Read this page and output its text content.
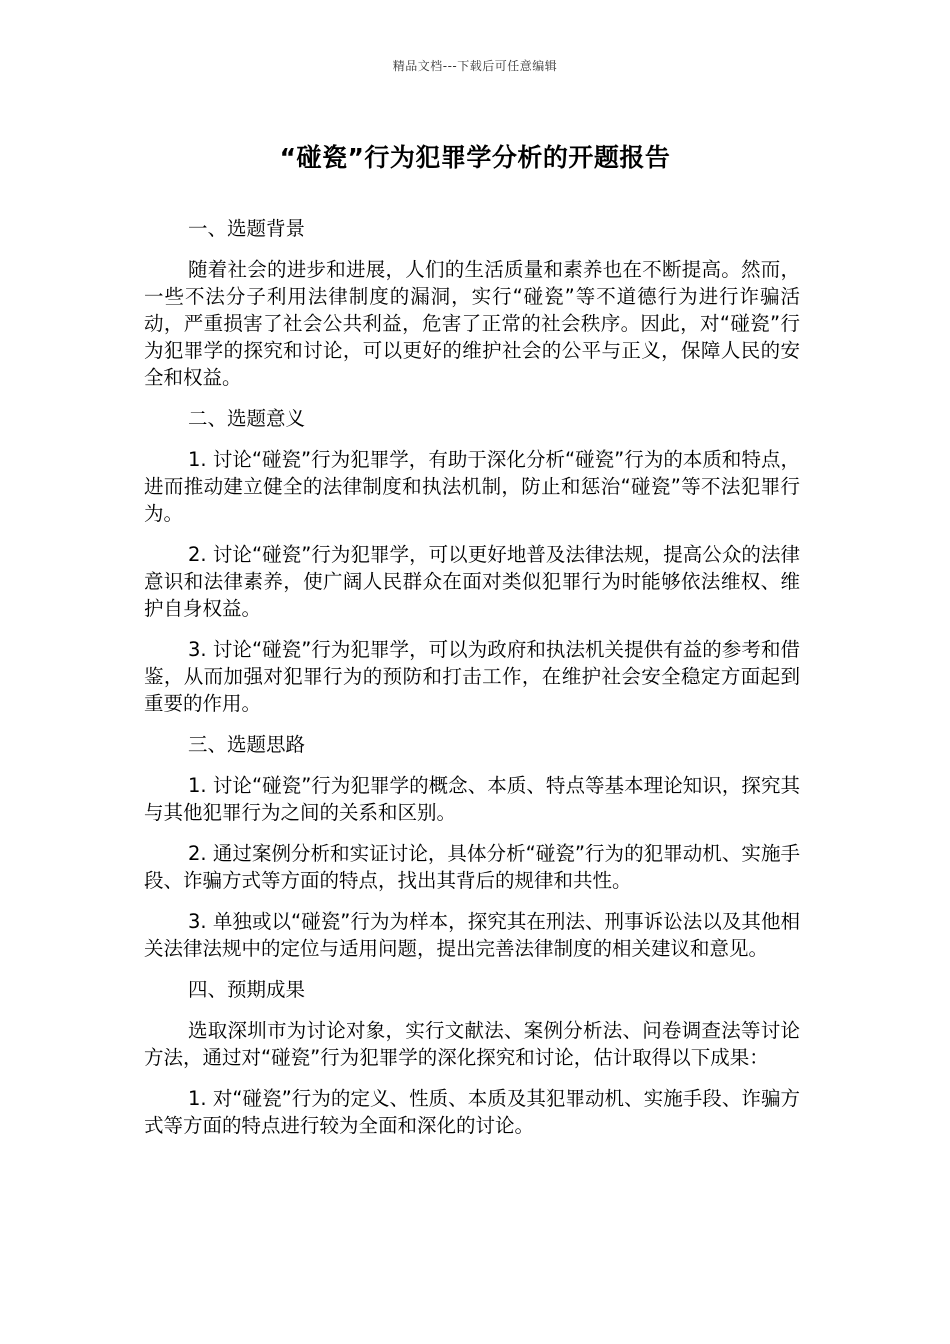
精品文档---下载后可任意编辑
“碰瓷”行为犯罪学分析的开题报告
一、选题背景
随着社会的进步和进展，人们的生活质量和素养也在不断提高。然而，一些不法分子利用法律制度的漏洞，实行“碰瓷”等不道德行为进行诈骗活动，严重损害了社会公共利益，危害了正常的社会秩序。因此，对“碰瓷”行为犯罪学的探究和讨论，可以更好的维护社会的公平与正义，保障人民的安全和权益。
二、选题意义
1. 讨论“碰瓷”行为犯罪学，有助于深化分析“碰瓷”行为的本质和特点，进而推动建立健全的法律制度和执法机制，防止和惩治“碰瓷”等不法犯罪行为。
2. 讨论“碰瓷”行为犯罪学，可以更好地普及法律法规，提高公众的法律意识和法律素养，使广阔人民群众在面对类似犯罪行为时能够依法维权、维护自身权益。
3. 讨论“碰瓷”行为犯罪学，可以为政府和执法机关提供有益的参考和借鉴，从而加强对犯罪行为的预防和打击工作，在维护社会安全稳定方面起到重要的作用。
三、选题思路
1. 讨论“碰瓷”行为犯罪学的概念、本质、特点等基本理论知识，探究其与其他犯罪行为之间的关系和区别。
2. 通过案例分析和实证讨论，具体分析“碰瓷”行为的犯罪动机、实施手段、诈骗方式等方面的特点，找出其背后的规律和共性。
3. 单独或以“碰瓷”行为为样本，探究其在刑法、刑事诉讼法以及其他相关法律法规中的定位与适用问题，提出完善法律制度的相关建议和意见。
四、预期成果
选取深圳市为讨论对象，实行文献法、案例分析法、问卷调查法等讨论方法，通过对“碰瓷”行为犯罪学的深化探究和讨论，估计取得以下成果：
1. 对“碰瓷”行为的定义、性质、本质及其犯罪动机、实施手段、诈骗方式等方面的特点进行较为全面和深化的讨论。
